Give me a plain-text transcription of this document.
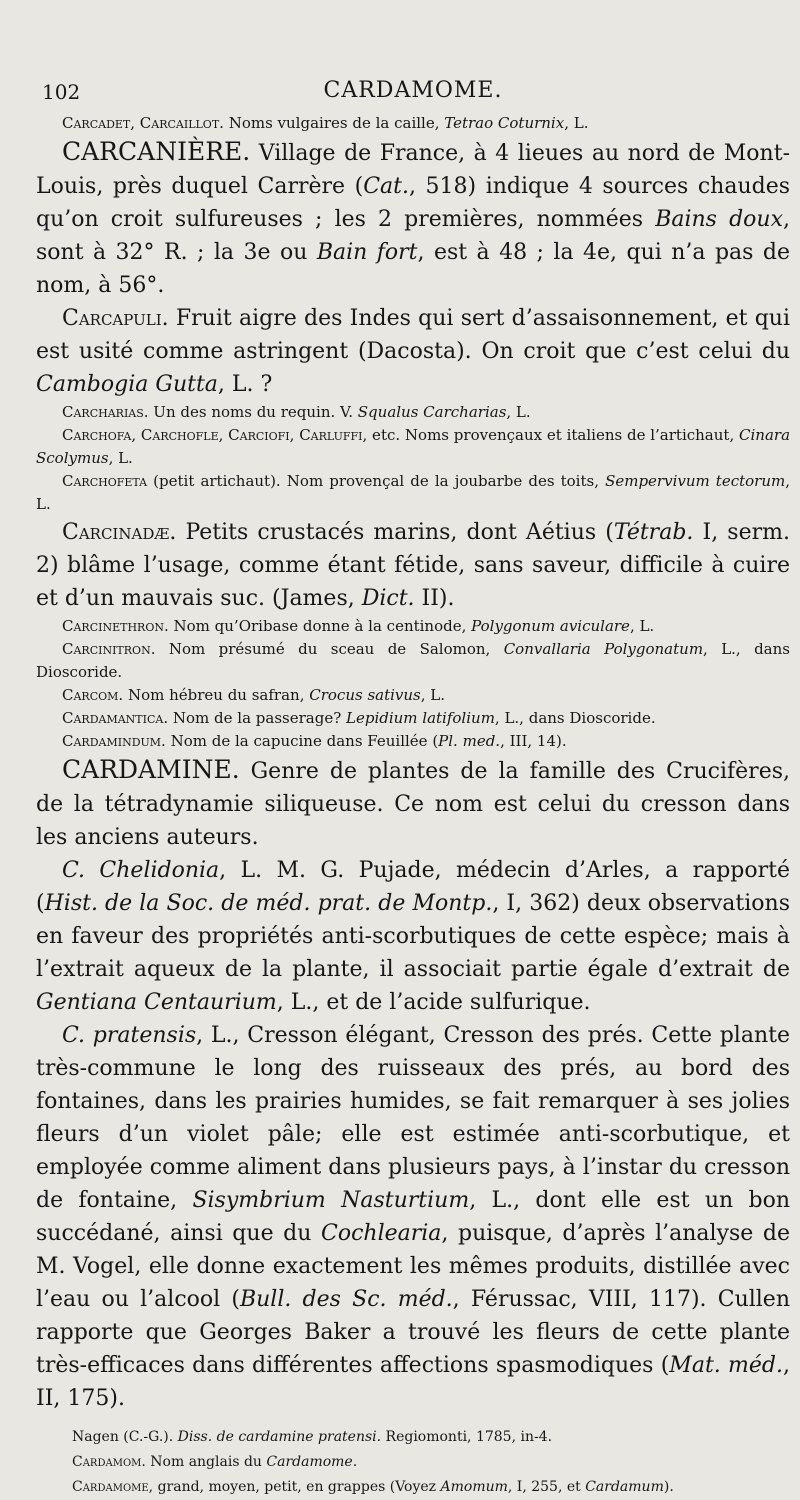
102	CARDAMOME.

Carcadet, Carcaillot. Noms vulgaires de la caille, Tetrao Coturnix, L.

CARCANIÈRE. Village de France, à 4 lieues au nord de Mont-Louis, près duquel Carrère (Cat., 518) indique 4 sources chaudes qu’on croit sulfureuses ; les 2 premières, nommées Bains doux, sont à 32° R. ; la 3e ou Bain fort, est à 48 ; la 4e, qui n’a pas de nom, à 56°.

Carcapuli. Fruit aigre des Indes qui sert d’assaisonnement, et qui est usité comme astringent (Dacosta). On croit que c’est celui du Cambogia Gutta, L. ?

Carcharias. Un des noms du requin. V. Squalus Carcharias, L.

Carchofa, Carchofle, Carciofi, Carluffi, etc. Noms provençaux et italiens de l’artichaut, Cinara Scolymus, L.

Carchofeta (petit artichaut). Nom provençal de la joubarbe des toits, Sempervivum tectorum, L.

Carcinadæ. Petits crustacés marins, dont Aétius (Tétrab. I, serm. 2) blâme l’usage, comme étant fétide, sans saveur, difficile à cuire et d’un mauvais suc. (James, Dict. II).

Carcinethron. Nom qu’Oribase donne à la centinode, Polygonum aviculare, L.

Carcinitron. Nom présumé du sceau de Salomon, Convallaria Polygonatum, L., dans Dioscoride.

Carcom. Nom hébreu du safran, Crocus sativus, L.

Cardamantica. Nom de la passerage? Lepidium latifolium, L., dans Dioscoride.

Cardamindum. Nom de la capucine dans Feuillée (Pl. med., III, 14).

CARDAMINE. Genre de plantes de la famille des Crucifères, de la tétradynamie siliqueuse. Ce nom est celui du cresson dans les anciens auteurs.

C. Chelidonia, L. M. G. Pujade, médecin d’Arles, a rapporté (Hist. de la Soc. de méd. prat. de Montp., I, 362) deux observations en faveur des propriétés anti-scorbutiques de cette espèce; mais à l’extrait aqueux de la plante, il associait partie égale d’extrait de Gentiana Centaurium, L., et de l’acide sulfurique.

C. pratensis, L., Cresson élégant, Cresson des prés. Cette plante très-commune le long des ruisseaux des prés, au bord des fontaines, dans les prairies humides, se fait remarquer à ses jolies fleurs d’un violet pâle; elle est estimée anti-scorbutique, et employée comme aliment dans plusieurs pays, à l’instar du cresson de fontaine, Sisymbrium Nasturtium, L., dont elle est un bon succédané, ainsi que du Cochlearia, puisque, d’après l’analyse de M. Vogel, elle donne exactement les mêmes produits, distillée avec l’eau ou l’alcool (Bull. des Sc. méd., Férussac, VIII, 117). Cullen rapporte que Georges Baker a trouvé les fleurs de cette plante très-efficaces dans différentes affections spasmodiques (Mat. méd., II, 175).

Nagen (C.-G.). Diss. de cardamine pratensi. Regiomonti, 1785, in-4.

Cardamom. Nom anglais du Cardamome.

Cardamome, grand, moyen, petit, en grappes (Voyez Amomum, I, 255, et Cardamum).
